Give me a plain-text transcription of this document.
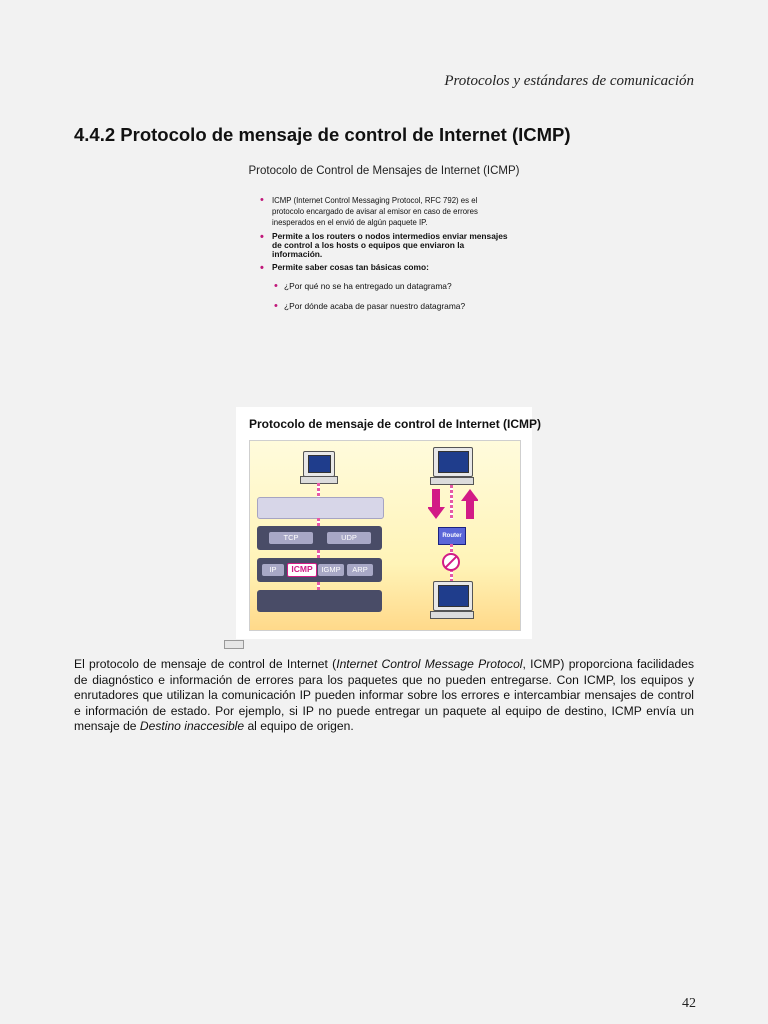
Protocolos y estándares de comunicación
4.4.2 Protocolo de mensaje de control de Internet (ICMP)
Protocolo de Control de Mensajes de Internet (ICMP)
• ICMP (Internet Control Messaging Protocol, RFC 792) es el protocolo encargado de avisar al emisor en caso de errores inesperados en el envió de algún paquete IP.
• Permite a los routers o nodos intermedios enviar mensajes de control a los hosts o equipos que enviaron la información.
• Permite saber cosas tan básicas como:
• ¿Por qué no se ha entregado un datagrama?
• ¿Por dónde acaba de pasar nuestro datagrama?
Protocolo de mensaje de control de Internet (ICMP)
TCP	UDP
IP	ICMP	IGMP	ARP
Router

El protocolo de mensaje de control de Internet (Internet Control Message Protocol, ICMP) proporciona facilidades de diagnóstico e información de errores para los paquetes que no pueden entregarse. Con ICMP, los equipos y enrutadores que utilizan la comunicación IP pueden informar sobre los errores e intercambiar mensajes de control e información de estado. Por ejemplo, si IP no puede entregar un paquete al equipo de destino, ICMP envía un mensaje de Destino inaccesible al equipo de origen.

42
